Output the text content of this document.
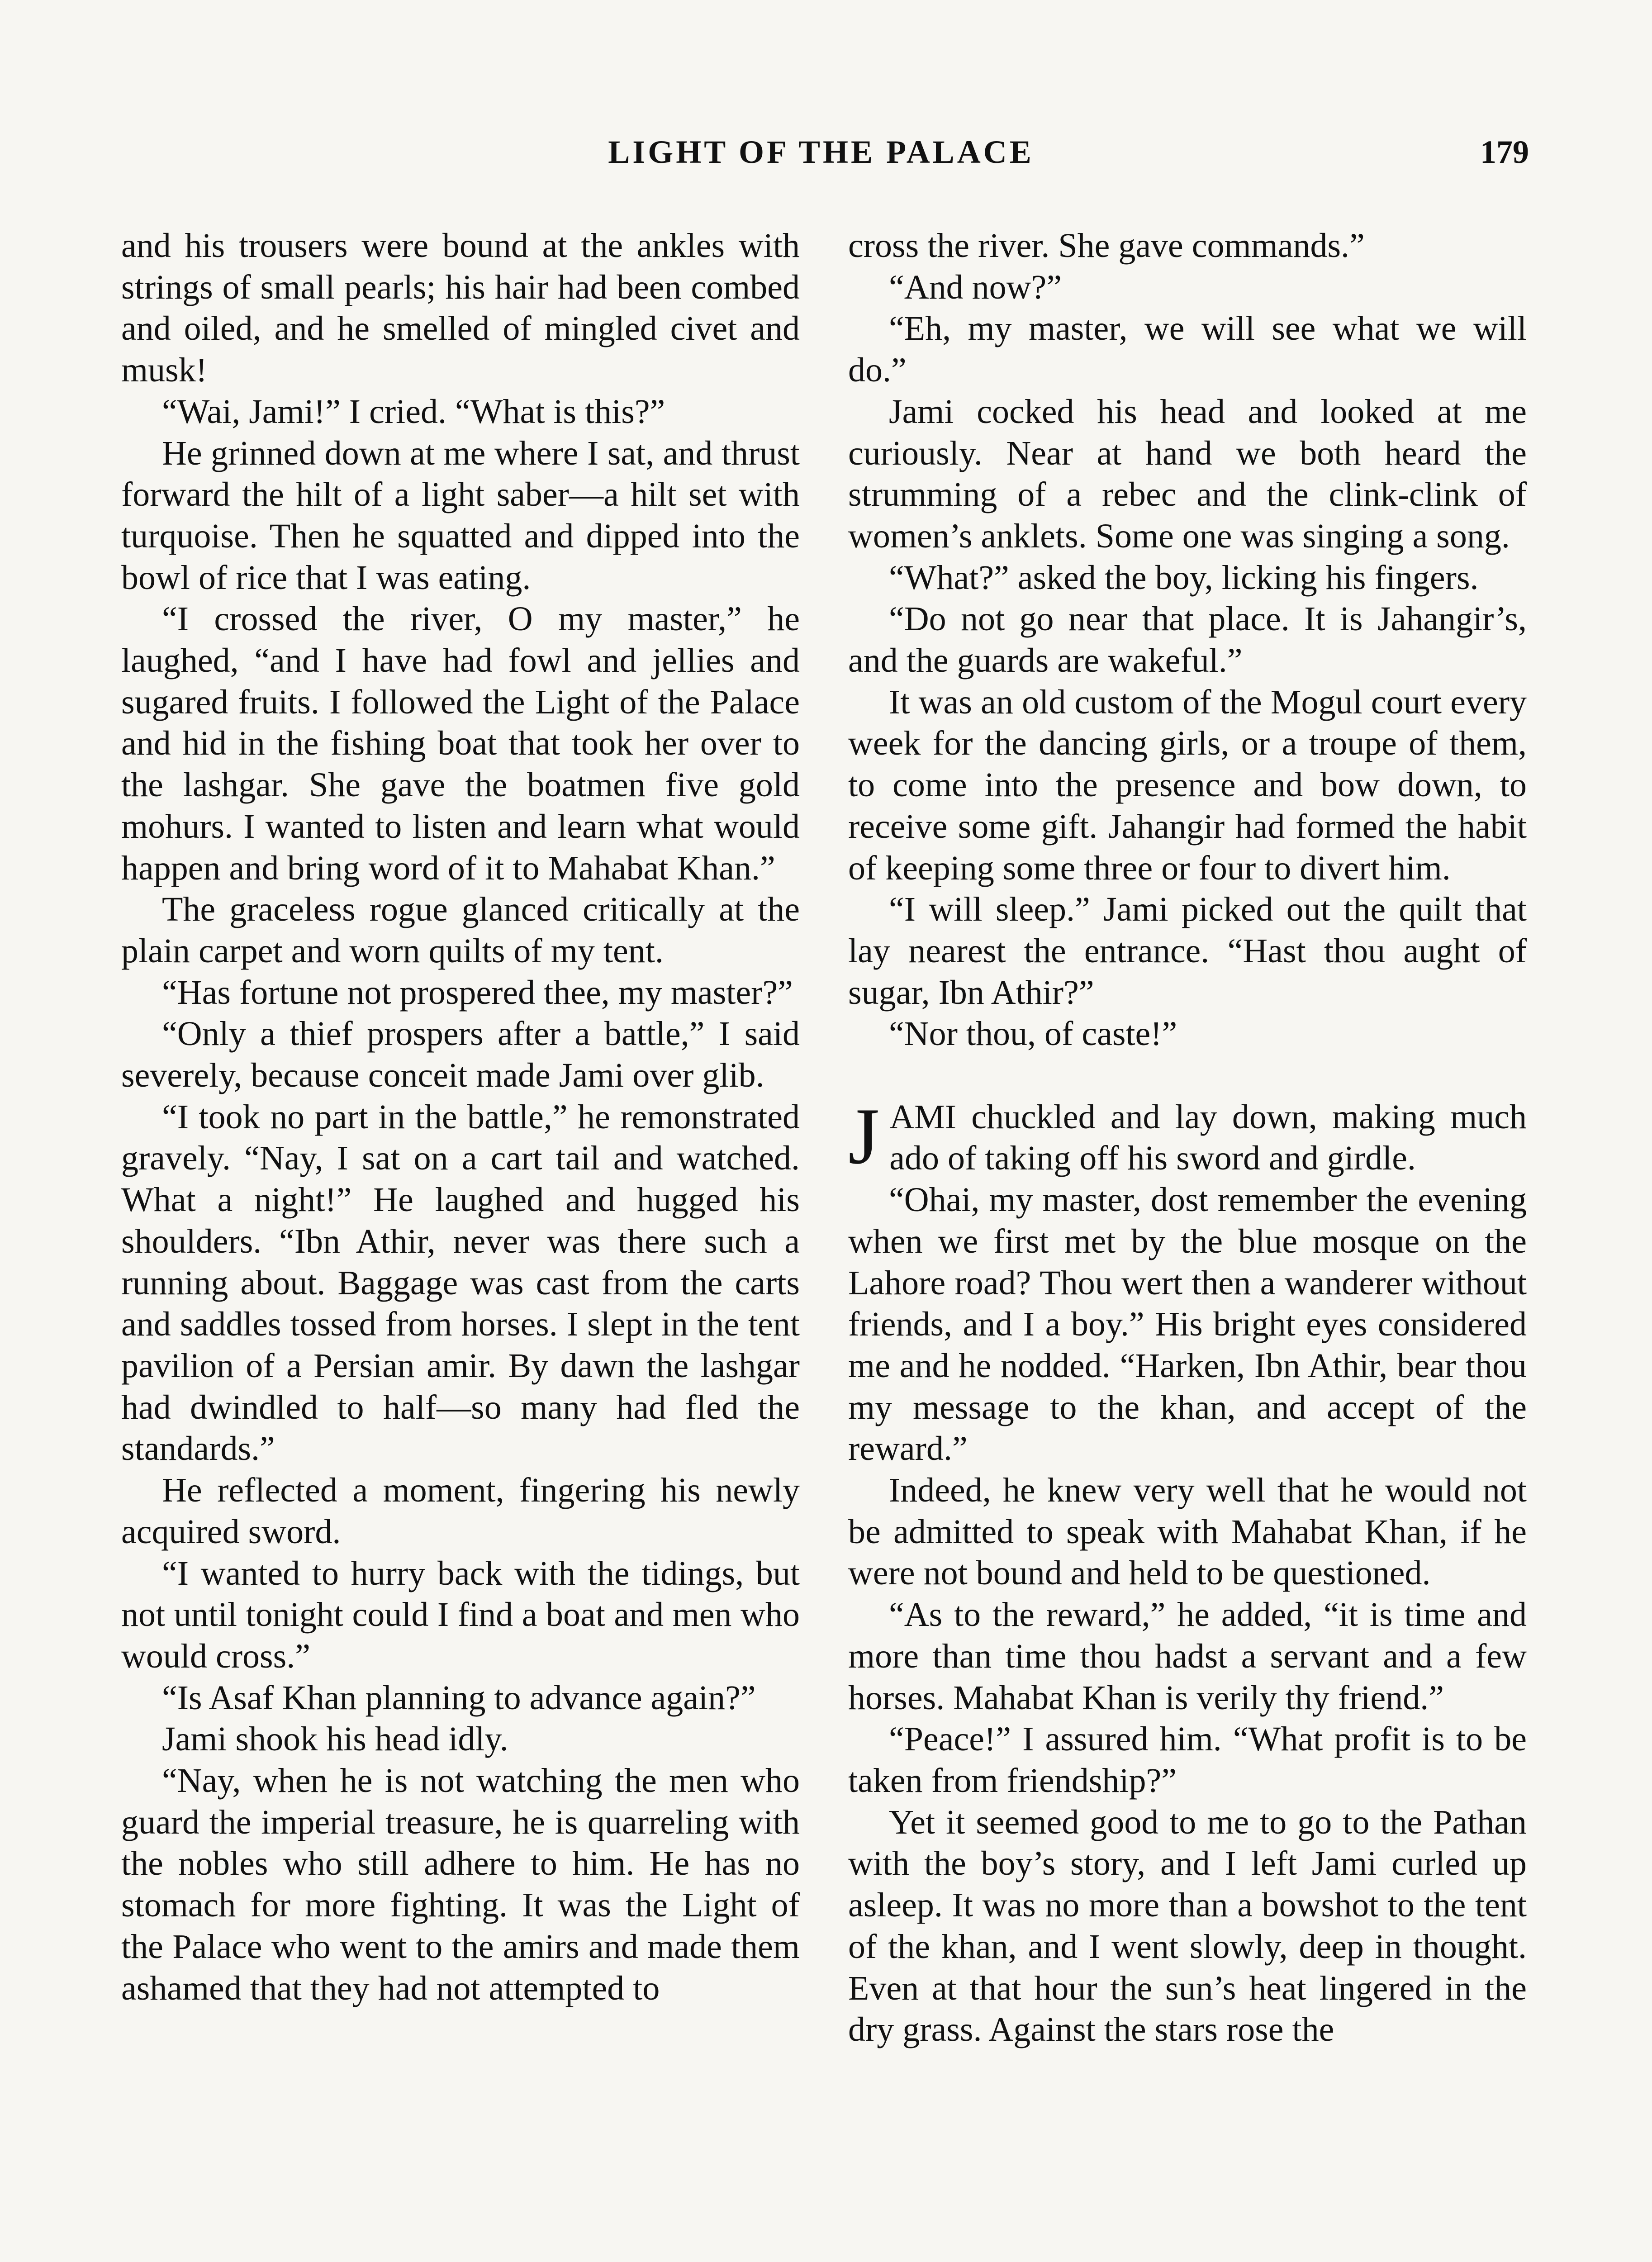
LIGHT OF THE PALACE	179

and his trousers were bound at the ankles with strings of small pearls; his hair had been combed and oiled, and he smelled of mingled civet and musk!

“Wai, Jami!” I cried. “What is this?”

He grinned down at me where I sat, and thrust forward the hilt of a light saber—a hilt set with turquoise. Then he squatted and dipped into the bowl of rice that I was eating.

“I crossed the river, O my master,” he laughed, “and I have had fowl and jellies and sugared fruits. I followed the Light of the Palace and hid in the fishing boat that took her over to the lashgar. She gave the boatmen five gold mohurs. I wanted to listen and learn what would happen and bring word of it to Mahabat Khan.”

The graceless rogue glanced critically at the plain carpet and worn quilts of my tent.

“Has fortune not prospered thee, my master?”

“Only a thief prospers after a battle,” I said severely, because conceit made Jami over glib.

“I took no part in the battle,” he remonstrated gravely. “Nay, I sat on a cart tail and watched. What a night!” He laughed and hugged his shoulders. “Ibn Athir, never was there such a running about. Baggage was cast from the carts and saddles tossed from horses. I slept in the tent pavilion of a Persian amir. By dawn the lashgar had dwindled to half—so many had fled the standards.”

He reflected a moment, fingering his newly acquired sword.

“I wanted to hurry back with the tidings, but not until tonight could I find a boat and men who would cross.”

“Is Asaf Khan planning to advance again?”

Jami shook his head idly.

“Nay, when he is not watching the men who guard the imperial treasure, he is quarreling with the nobles who still adhere to him. He has no stomach for more fighting. It was the Light of the Palace who went to the amirs and made them ashamed that they had not attempted to

cross the river. She gave commands.”

“And now?”

“Eh, my master, we will see what we will do.”

Jami cocked his head and looked at me curiously. Near at hand we both heard the strumming of a rebec and the clink-clink of women’s anklets. Some one was singing a song.

“What?” asked the boy, licking his fingers.

“Do not go near that place. It is Jahangir’s, and the guards are wakeful.”

It was an old custom of the Mogul court every week for the dancing girls, or a troupe of them, to come into the presence and bow down, to receive some gift. Jahangir had formed the habit of keeping some three or four to divert him.

“I will sleep.” Jami picked out the quilt that lay nearest the entrance. “Hast thou aught of sugar, Ibn Athir?”

“Nor thou, of caste!”

JAMI chuckled and lay down, making much ado of taking off his sword and girdle.

“Ohai, my master, dost remember the evening when we first met by the blue mosque on the Lahore road? Thou wert then a wanderer without friends, and I a boy.” His bright eyes considered me and he nodded. “Harken, Ibn Athir, bear thou my message to the khan, and accept of the reward.”

Indeed, he knew very well that he would not be admitted to speak with Mahabat Khan, if he were not bound and held to be questioned.

“As to the reward,” he added, “it is time and more than time thou hadst a servant and a few horses. Mahabat Khan is verily thy friend.”

“Peace!” I assured him. “What profit is to be taken from friendship?”

Yet it seemed good to me to go to the Pathan with the boy’s story, and I left Jami curled up asleep. It was no more than a bowshot to the tent of the khan, and I went slowly, deep in thought. Even at that hour the sun’s heat lingered in the dry grass. Against the stars rose the
